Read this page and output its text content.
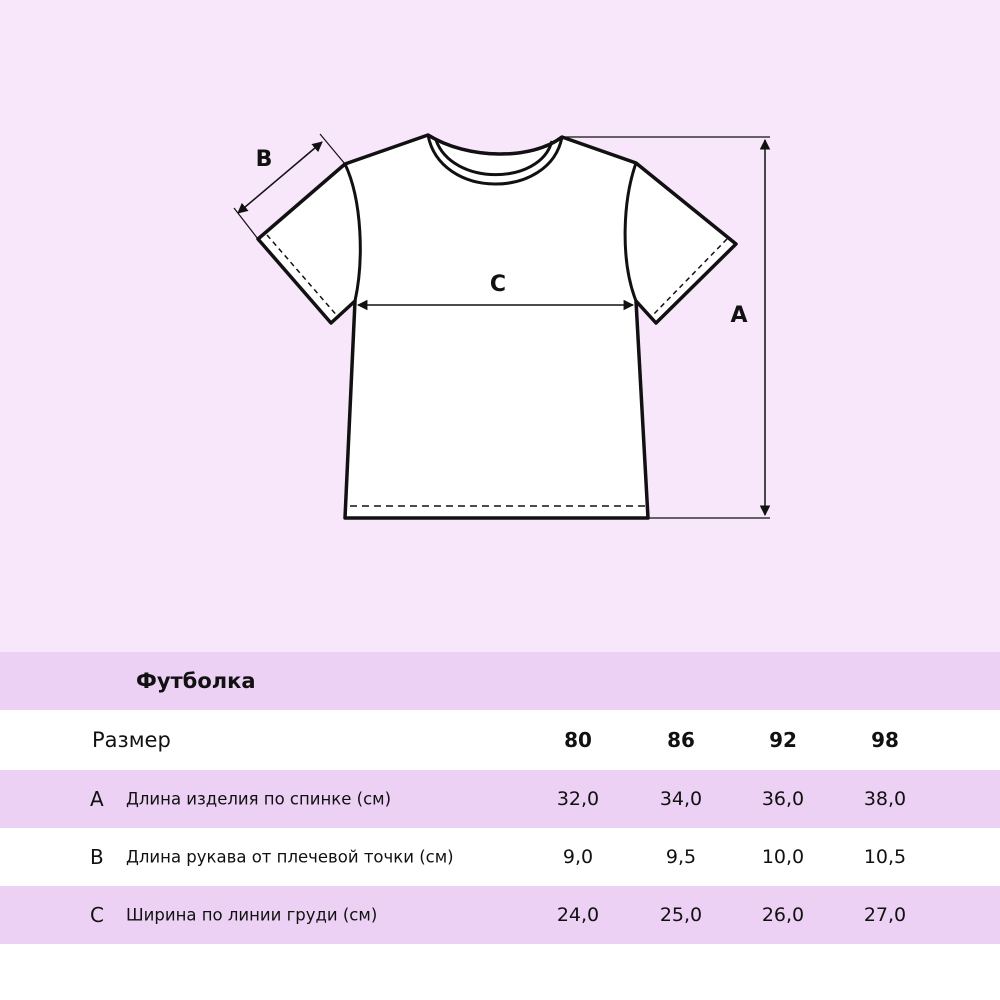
C
A
B
Футболка
Размер	80	86	92	98
A Длина изделия по спинке (см)	32,0	34,0	36,0	38,0
B Длина рукава от плечевой точки (см)	9,0	9,5	10,0	10,5
C Ширина по линии груди (см)	24,0	25,0	26,0	27,0
